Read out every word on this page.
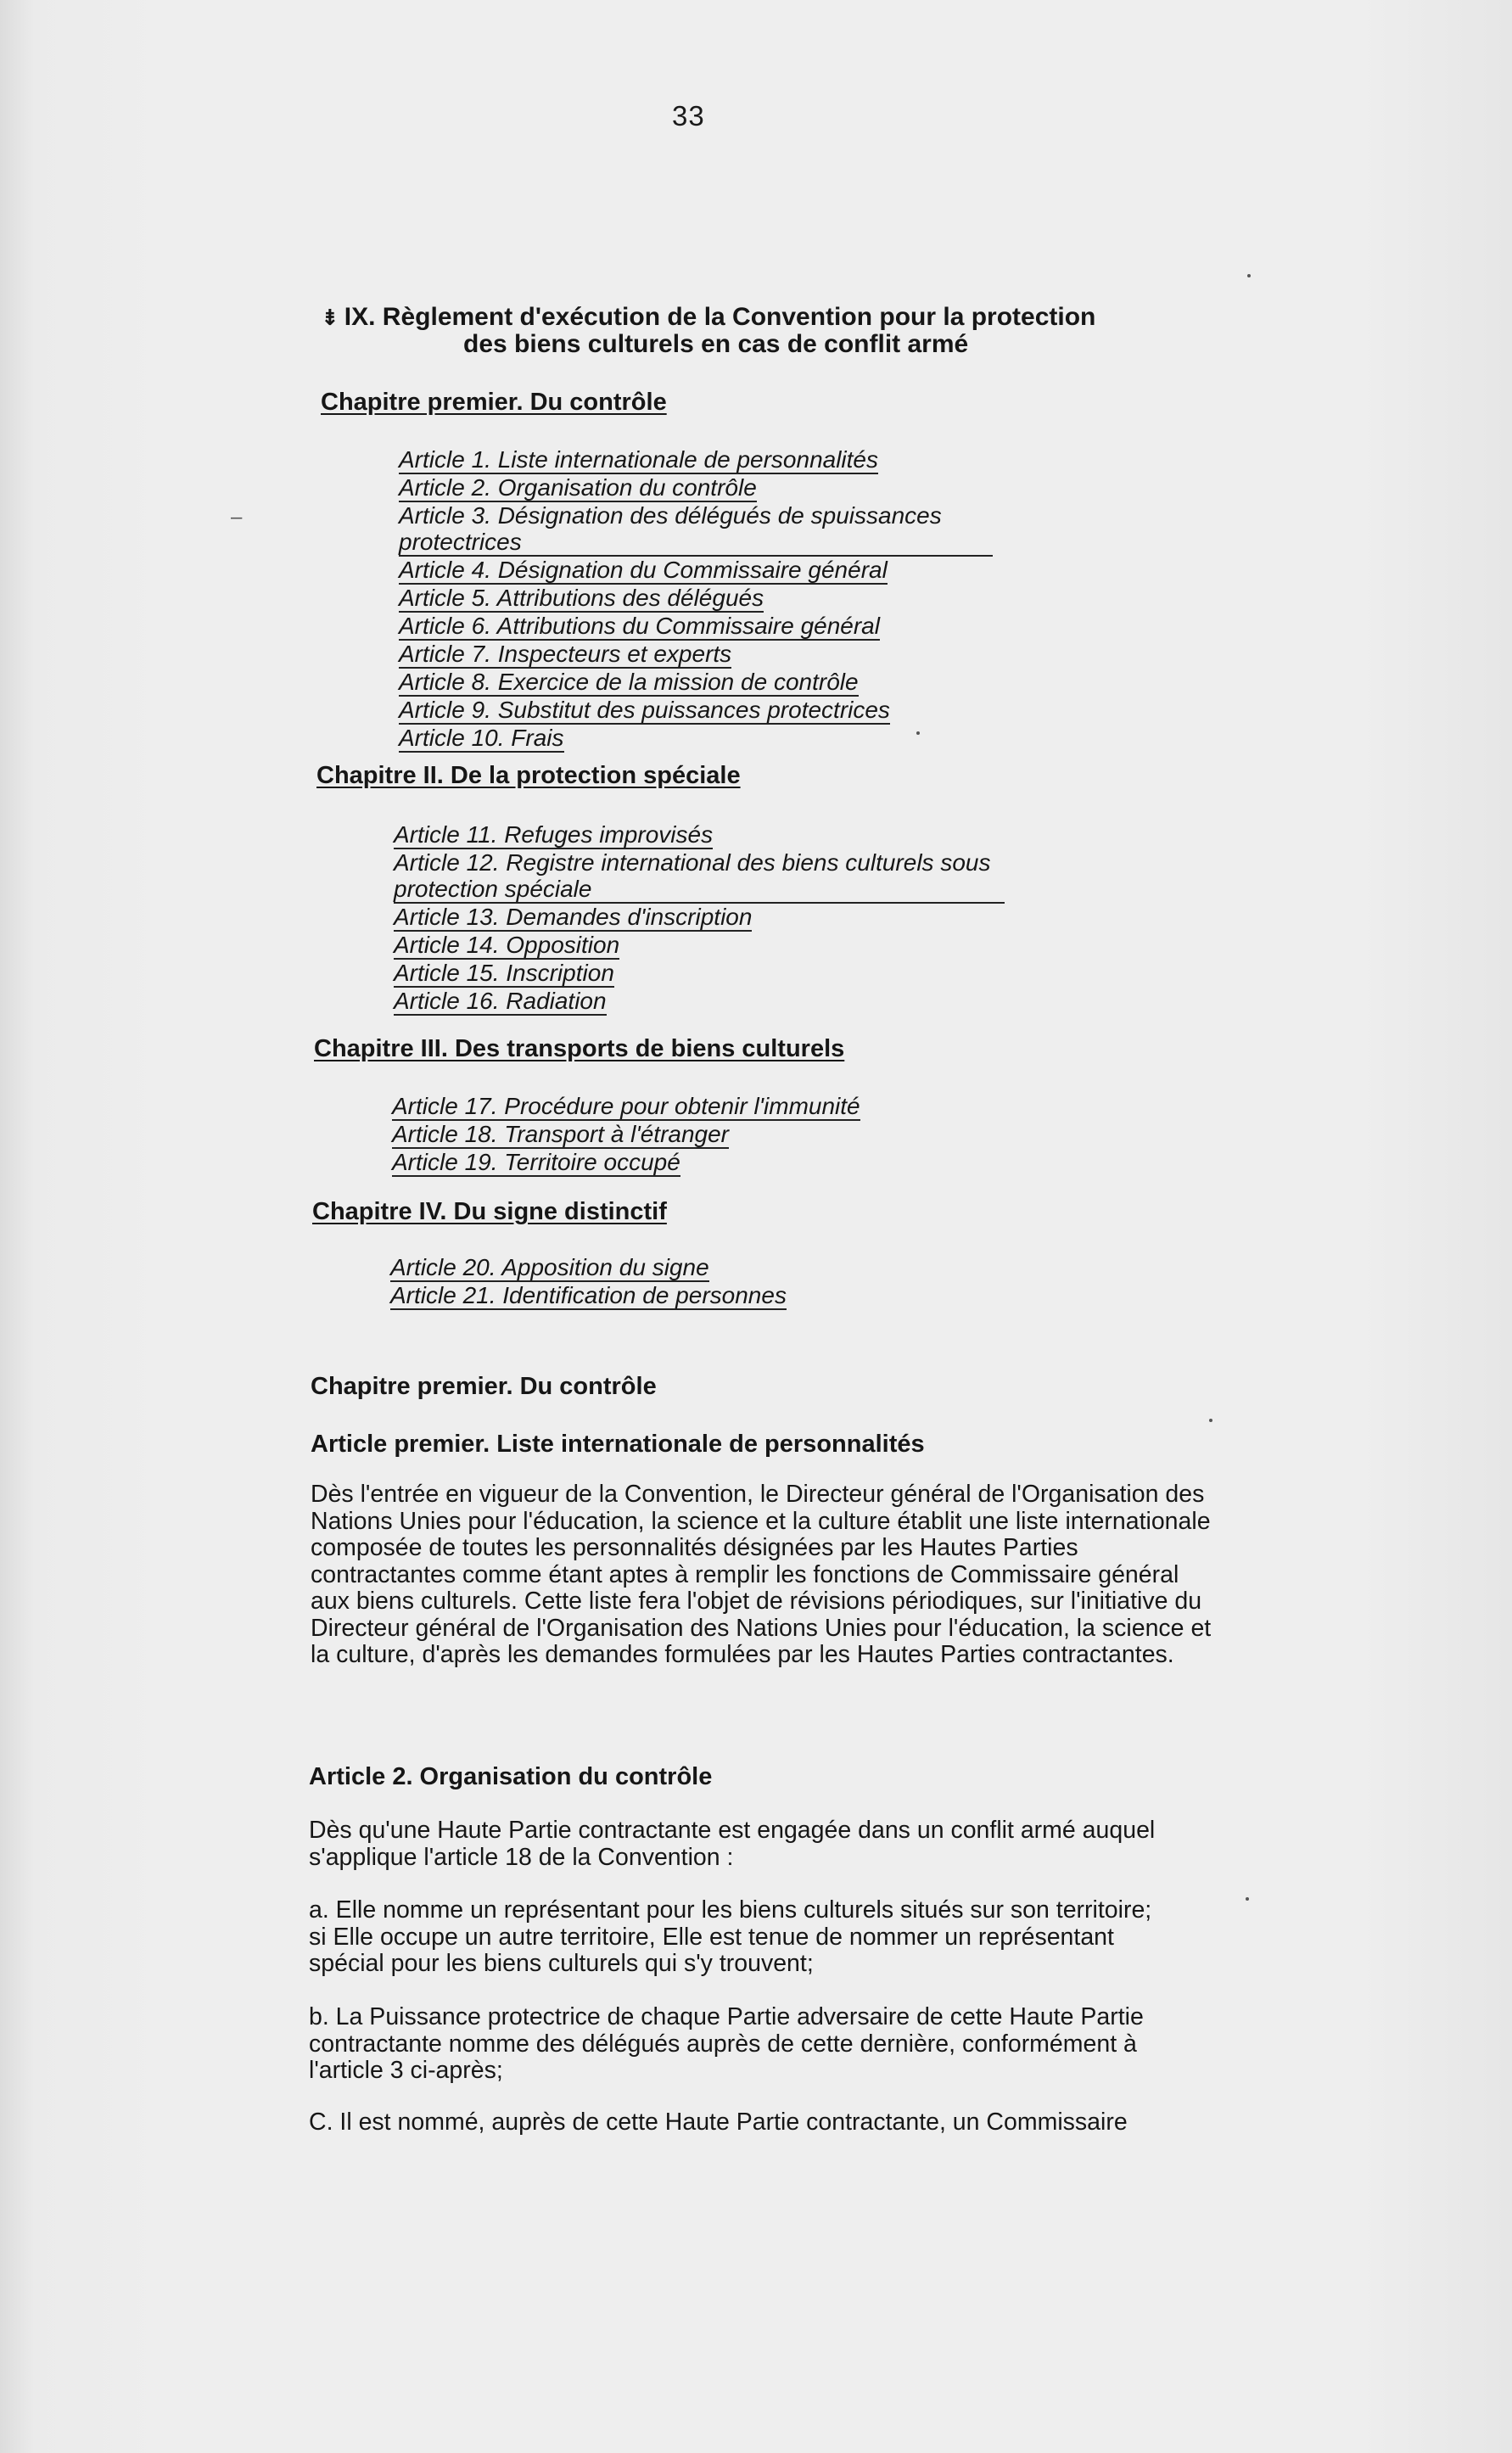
33
⇟ IX. Règlement d'exécution de la Convention pour la protection
des biens culturels en cas de conflit armé
Chapitre premier. Du contrôle
Article 1. Liste internationale de personnalités
Article 2. Organisation du contrôle
Article 3. Désignation des délégués de spuissances protectrices
Article 4. Désignation du Commissaire général
Article 5. Attributions des délégués
Article 6. Attributions du Commissaire général
Article 7. Inspecteurs et experts
Article 8. Exercice de la mission de contrôle
Article 9. Substitut des puissances protectrices
Article 10. Frais
Chapitre II. De la protection spéciale
Article 11. Refuges improvisés
Article 12. Registre international des biens culturels sous protection spéciale
Article 13. Demandes d'inscription
Article 14. Opposition
Article 15. Inscription
Article 16. Radiation
Chapitre III. Des transports de biens culturels
Article 17. Procédure pour obtenir l'immunité
Article 18. Transport à l'étranger
Article 19. Territoire occupé
Chapitre IV. Du signe distinctif
Article 20. Apposition du signe
Article 21. Identification de personnes
Chapitre premier. Du contrôle
Article premier. Liste internationale de personnalités

Dès l'entrée en vigueur de la Convention, le Directeur général de l'Organisation des Nations Unies pour l'éducation, la science et la culture établit une liste internationale composée de toutes les personnalités désignées par les Hautes Parties contractantes comme étant aptes à remplir les fonctions de Commissaire général aux biens culturels. Cette liste fera l'objet de révisions périodiques, sur l'initiative du Directeur général de l'Organisation des Nations Unies pour l'éducation, la science et la culture, d'après les demandes formulées par les Hautes Parties contractantes.

Article 2. Organisation du contrôle

Dès qu'une Haute Partie contractante est engagée dans un conflit armé auquel s'applique l'article 18 de la Convention :

a. Elle nomme un représentant pour les biens culturels situés sur son territoire; si Elle occupe un autre territoire, Elle est tenue de nommer un représentant spécial pour les biens culturels qui s'y trouvent;

b. La Puissance protectrice de chaque Partie adversaire de cette Haute Partie contractante nomme des délégués auprès de cette dernière, conformément à l'article 3 ci-après;

C. Il est nommé, auprès de cette Haute Partie contractante, un Commissaire

–
